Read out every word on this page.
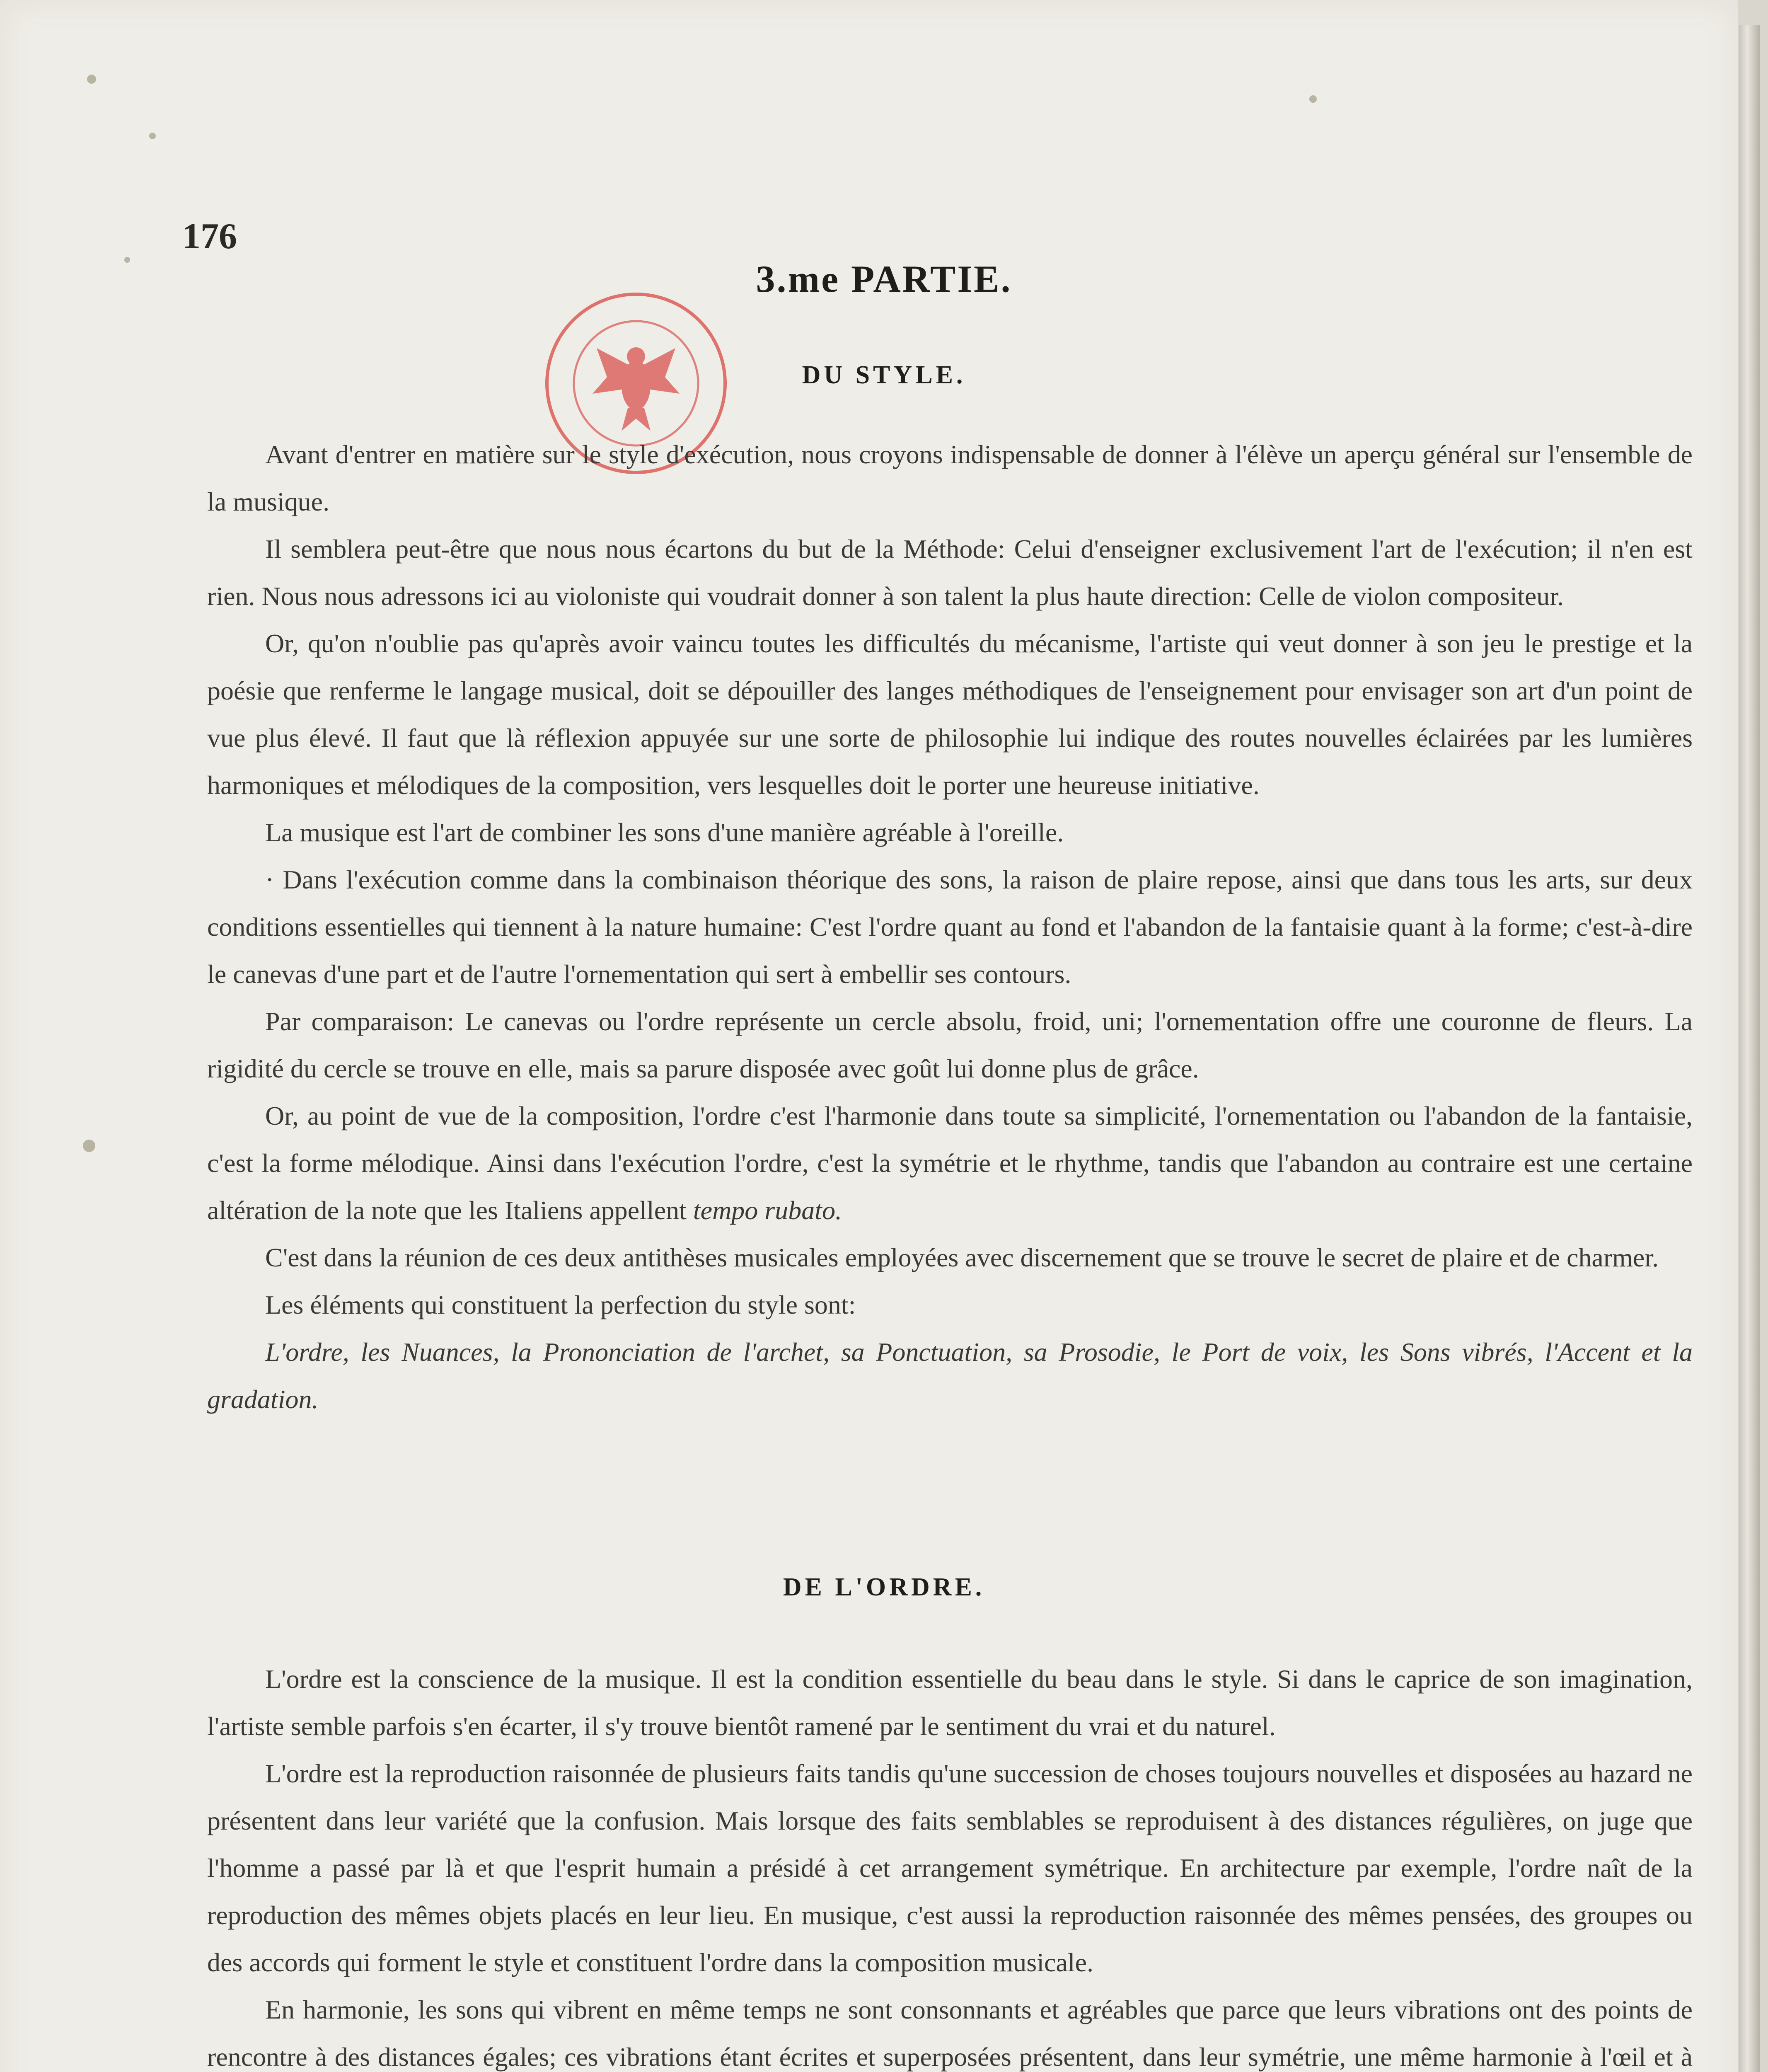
176

3.me PARTIE.
DU STYLE.

Avant d'entrer en matière sur le style d'exécution, nous croyons indispensable de donner à l'élève un aperçu général sur l'ensemble de la musique.

Il semblera peut-être que nous nous écartons du but de la Méthode: Celui d'enseigner exclusivement l'art de l'exécution; il n'en est rien. Nous nous adressons ici au violoniste qui voudrait donner à son talent la plus haute direction: Celle de violon compositeur.

Or, qu'on n'oublie pas qu'après avoir vaincu toutes les difficultés du mécanisme, l'artiste qui veut donner à son jeu le prestige et la poésie que renferme le langage musical, doit se dépouiller des langes méthodiques de l'enseignement pour envisager son art d'un point de vue plus élevé. Il faut que là réflexion appuyée sur une sorte de philosophie lui indique des routes nouvelles éclairées par les lumières harmoniques et mélodiques de la composition, vers lesquelles doit le porter une heureuse initiative.

La musique est l'art de combiner les sons d'une manière agréable à l'oreille.

· Dans l'exécution comme dans la combinaison théorique des sons, la raison de plaire repose, ainsi que dans tous les arts, sur deux conditions essentielles qui tiennent à la nature humaine: C'est l'ordre quant au fond et l'abandon de la fantaisie quant à la forme; c'est-à-dire le canevas d'une part et de l'autre l'ornementation qui sert à embellir ses contours.

Par comparaison: Le canevas ou l'ordre représente un cercle absolu, froid, uni; l'ornementation offre une couronne de fleurs. La rigidité du cercle se trouve en elle, mais sa parure disposée avec goût lui donne plus de grâce.

Or, au point de vue de la composition, l'ordre c'est l'harmonie dans toute sa simplicité, l'ornementation ou l'abandon de la fantaisie, c'est la forme mélodique. Ainsi dans l'exécution l'ordre, c'est la symétrie et le rhythme, tandis que l'abandon au contraire est une certaine altération de la note que les Italiens appellent tempo rubato.

C'est dans la réunion de ces deux antithèses musicales employées avec discernement que se trouve le secret de plaire et de charmer.

Les éléments qui constituent la perfection du style sont:

L'ordre, les Nuances, la Prononciation de l'archet, sa Ponctuation, sa Prosodie, le Port de voix, les Sons vibrés, l'Accent et la gradation.

DE L'ORDRE.

L'ordre est la conscience de la musique. Il est la condition essentielle du beau dans le style. Si dans le caprice de son imagination, l'artiste semble parfois s'en écarter, il s'y trouve bientôt ramené par le sentiment du vrai et du naturel.

L'ordre est la reproduction raisonnée de plusieurs faits tandis qu'une succession de choses toujours nouvelles et disposées au hazard ne présentent dans leur variété que la confusion. Mais lorsque des faits semblables se reproduisent à des distances régulières, on juge que l'homme a passé par là et que l'esprit humain a présidé à cet arrangement symétrique. En architecture par exemple, l'ordre naît de la reproduction des mêmes objets placés en leur lieu. En musique, c'est aussi la reproduction raisonnée des mêmes pensées, des groupes ou des accords qui forment le style et constituent l'ordre dans la composition musicale.

En harmonie, les sons qui vibrent en même temps ne sont consonnants et agréables que parce que leurs vibrations ont des points de rencontre à des distances égales; ces vibrations étant écrites et superposées présentent, dans leur symétrie, une même harmonie à l'œil et à
